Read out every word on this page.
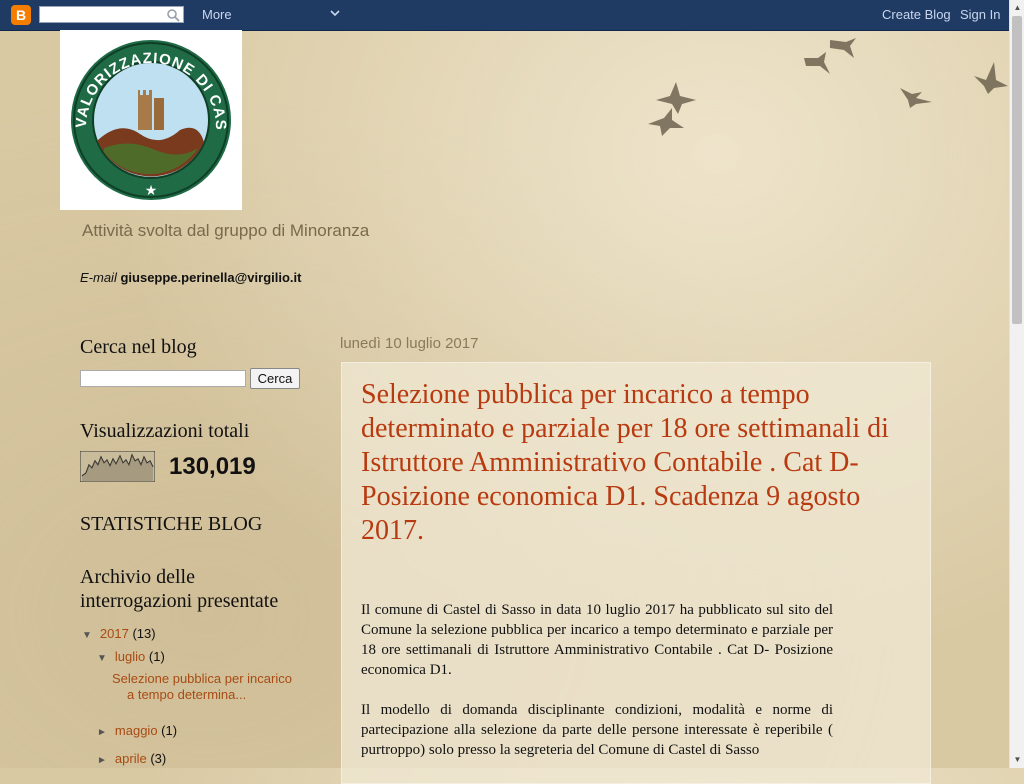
B	More	Create Blog Sign In	▲
▼
VALORIZZAZIONE DI CAS
★
Attività svolta dal gruppo di Minoranza
E-mail giuseppe.perinella@virgilio.it
Cerca nel blog
Cerca
Visualizzazioni totali
130,019
STATISTICHE BLOG
Archivio delle
interrogazioni presentate
▼ 2017 (13)
▼ luglio (1)
Selezione pubblica per incarico
a tempo determina...
► maggio (1)
► aprile (3)
lunedì 10 luglio 2017
Selezione pubblica per incarico a tempo determinato e parziale per 18 ore settimanali di Istruttore Amministrativo Contabile . Cat D- Posizione economica D1. Scadenza 9 agosto 2017.

Il comune di Castel di Sasso in data 10 luglio 2017 ha pubblicato sul sito del Comune la selezione pubblica per incarico a tempo determinato e parziale per 18 ore settimanali di Istruttore Amministrativo Contabile . Cat D- Posizione economica D1.

Il modello di domanda disciplinante condizioni, modalità e norme di partecipazione alla selezione da parte delle persone interessate è reperibile ( purtroppo) solo presso la segreteria del Comune di Castel di Sasso
